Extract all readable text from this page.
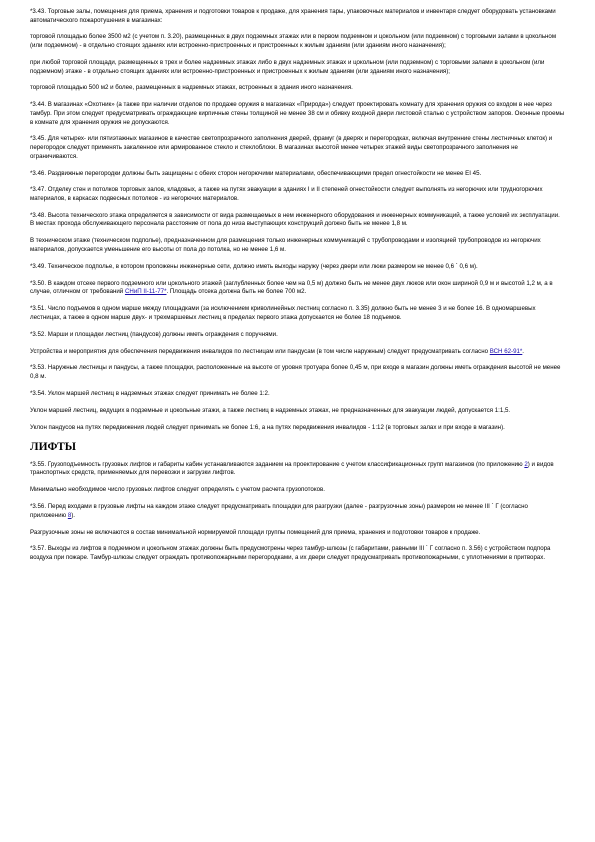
*3.43. Торговые залы, помещения для приема, хранения и подготовки товаров к продаже, для хранения тары, упаковочных материалов и инвентаря следует оборудовать установками автоматического пожаротушения в магазинах:

торговой площадью более 3500 м2 (с учетом п. 3.20), размещенных в двух подземных этажах или в первом подземном и цокольном (или подземном) с торговыми залами в цокольном (или подземном) - в отдельно стоящих зданиях или встроенно-пристроенных и пристроенных к жилым зданиям (или зданиям иного назначения);

при любой торговой площади, размещенных в трех и более надземных этажах либо в двух надземных этажах и цокольном (или подземном) с торговыми залами в цокольном (или подземном) этаже - в отдельно стоящих зданиях или встроенно-пристроенных и пристроенных к жилым зданиям (или зданиям иного назначения);

торговой площадью 500 м2 и более, размещенных в надземных этажах, встроенных в здания иного назначения.

*3.44. В магазинах «Охотник» (а также при наличии отделов по продаже оружия в магазинах «Природа») следует проектировать комнату для хранения оружия со входом в нее через тамбур. При этом следует предусматривать ограждающие кирпичные стены толщиной не менее 38 см и обивку входной двери листовой сталью с устройством запоров. Оконные проемы в комнате для хранения оружия не допускаются.

*3.45. Для четырех- или пятиэтажных магазинов в качестве светопрозрачного заполнения дверей, фрамуг (в дверях и перегородках, включая внутренние стены лестничных клеток) и перегородок следует применять закаленное или армированное стекло и стеклоблоки. В магазинах высотой менее четырех этажей виды светопрозрачного заполнения не ограничиваются.

*3.46. Раздвижные перегородки должны быть защищены с обеих сторон негорючими материалами, обеспечивающими предел огнестойкости не менее EI 45.

*3.47. Отделку стен и потолков торговых залов, кладовых, а также на путях эвакуации в зданиях I и II степеней огнестойкости следует выполнять из негорючих или трудногорючих материалов, в каркасах подвесных потолков - из негорючих материалов.

*3.48. Высота технического этажа определяется в зависимости от вида размещаемых в нем инженерного оборудования и инженерных коммуникаций, а также условий их эксплуатации. В местах прохода обслуживающего персонала расстояние от пола до низа выступающих конструкций должно быть не менее 1,8 м.

В техническом этаже (техническом подполье), предназначенном для размещения только инженерных коммуникаций с трубопроводами и изоляцией трубопроводов из негорючих материалов, допускается уменьшение его высоты от пола до потолка, но не менее 1,6 м.

*3.49. Техническое подполье, в котором проложены инженерные сети, должно иметь выходы наружу (через двери или люки размером не менее 0,6 ´ 0,6 м).

*3.50. В каждом отсеке первого подземного или цокольного этажей (заглубленных более чем на 0,5 м) должно быть не менее двух люков или окон шириной 0,9 м и высотой 1,2 м, а в случае, отличном от требований СНиП II-11-77*. Площадь отсека должна быть не более 700 м2.

*3.51. Число подъемов в одном марше между площадками (за исключением криволинейных лестниц согласно п. 3.35) должно быть не менее 3 и не более 16. В одномаршевых лестницах, а также в одном марше двух- и трехмаршевых лестниц в пределах первого этажа допускается не более 18 подъемов.

*3.52. Марши и площадки лестниц (пандусов) должны иметь ограждения с поручнями.

Устройства и мероприятия для обеспечения передвижения инвалидов по лестницам или пандусам (в том числе наружным) следует предусматривать согласно ВСН 62-91*.

*3.53. Наружные лестницы и пандусы, а также площадки, расположенные на высоте от уровня тротуара более 0,45 м, при входе в магазин должны иметь ограждения высотой не менее 0,8 м.

*3.54. Уклон маршей лестниц в надземных этажах следует принимать не более 1:2.

Уклон маршей лестниц, ведущих в подземные и цокольные этажи, а также лестниц в надземных этажах, не предназначенных для эвакуации людей, допускается 1:1,5.

Уклон пандусов на путях передвижения людей следует принимать не более 1:6, а на путях передвижения инвалидов - 1:12 (в торговых залах и при входе в магазин).

ЛИФТЫ

*3.55. Грузоподъемность грузовых лифтов и габариты кабин устанавливаются заданием на проектирование с учетом классификационных групп магазинов (по приложению 2) и видов транспортных средств, применяемых для перевозки и загрузки лифтов.

Минимально необходимое число грузовых лифтов следует определять с учетом расчета грузопотоков.

*3.56. Перед входами в грузовые лифты на каждом этаже следует предусматривать площадки для разгрузки (далее - разгрузочные зоны) размером не менее III ´ Г (согласно приложению 8).

Разгрузочные зоны не включаются в состав минимальной нормируемой площади группы помещений для приема, хранения и подготовки товаров к продаже.

*3.57. Выходы из лифтов в подземном и цокольном этажах должны быть предусмотрены через тамбур-шлюзы (с габаритами, равными III ´ Г согласно п. 3.56) с устройством подпора воздуха при пожаре. Тамбур-шлюзы следует ограждать противопожарными перегородками, а их двери следует предусматривать противопожарными, с уплотнениями в притворах.
